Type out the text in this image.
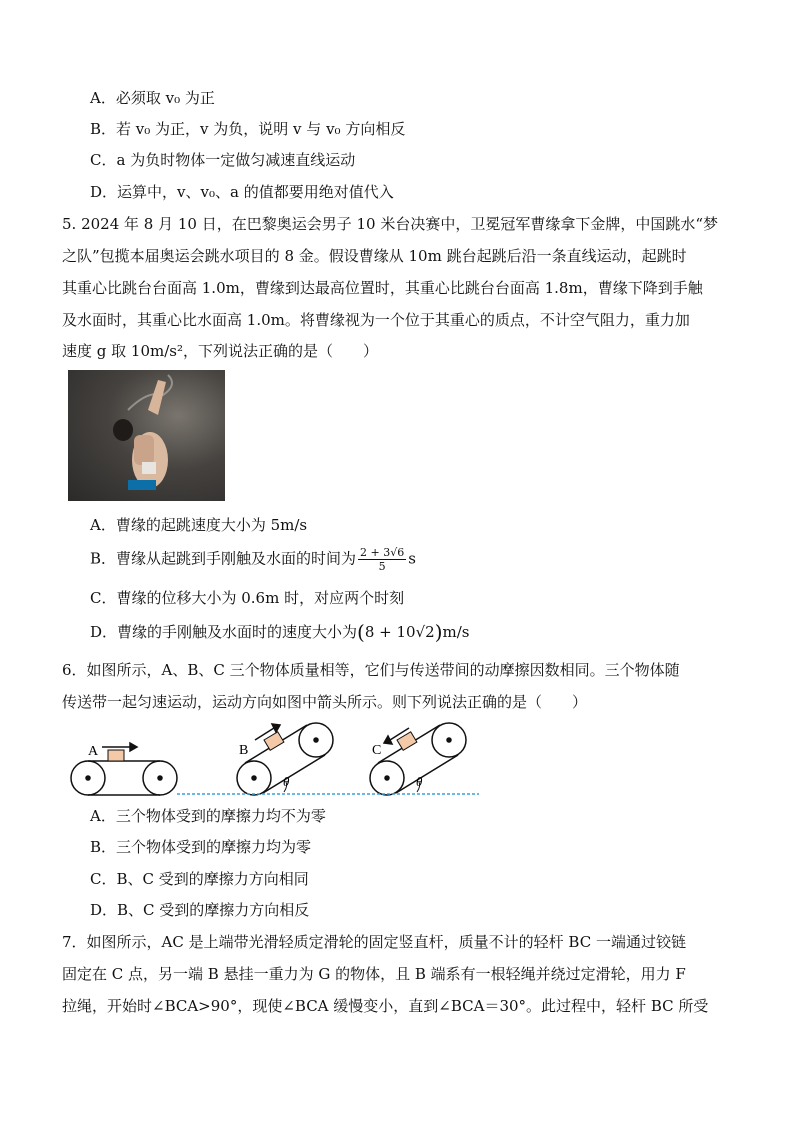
A．必须取 v₀ 为正
B．若 v₀ 为正，v 为负，说明 v 与 v₀ 方向相反
C．a 为负时物体一定做匀减速直线运动
D．运算中，v、v₀、a 的值都要用绝对值代入
5. 2024 年 8 月 10 日，在巴黎奥运会男子 10 米台决赛中，卫冕冠军曹缘拿下金牌，中国跳水“梦
之队”包揽本届奥运会跳水项目的 8 金。假设曹缘从 10m 跳台起跳后沿一条直线运动，起跳时
其重心比跳台台面高 1.0m，曹缘到达最高位置时，其重心比跳台台面高 1.8m，曹缘下降到手触
及水面时，其重心比水面高 1.0m。将曹缘视为一个位于其重心的质点，不计空气阻力，重力加
速度 g 取 10m/s²，下列说法正确的是（　　）
A．曹缘的起跳速度大小为 5m/s
B．曹缘从起跳到手刚触及水面的时间为 $\frac{2 + 3√6}{5}$ s
C．曹缘的位移大小为 0.6m 时，对应两个时刻
D．曹缘的手刚触及水面时的速度大小为(8 + 10√2)m/s
6．如图所示，A、B、C 三个物体质量相等，它们与传送带间的动摩擦因数相同。三个物体随
传送带一起匀速运动，运动方向如图中箭头所示。则下列说法正确的是（　　）
A	B
θ
C
θ
A．三个物体受到的摩擦力均不为零
B．三个物体受到的摩擦力均为零
C．B、C 受到的摩擦力方向相同
D．B、C 受到的摩擦力方向相反
7．如图所示，AC 是上端带光滑轻质定滑轮的固定竖直杆，质量不计的轻杆 BC 一端通过铰链
固定在 C 点，另一端 B 悬挂一重力为 G 的物体，且 B 端系有一根轻绳并绕过定滑轮，用力 F
拉绳，开始时∠BCA>90°，现使∠BCA 缓慢变小，直到∠BCA＝30°。此过程中，轻杆 BC 所受
